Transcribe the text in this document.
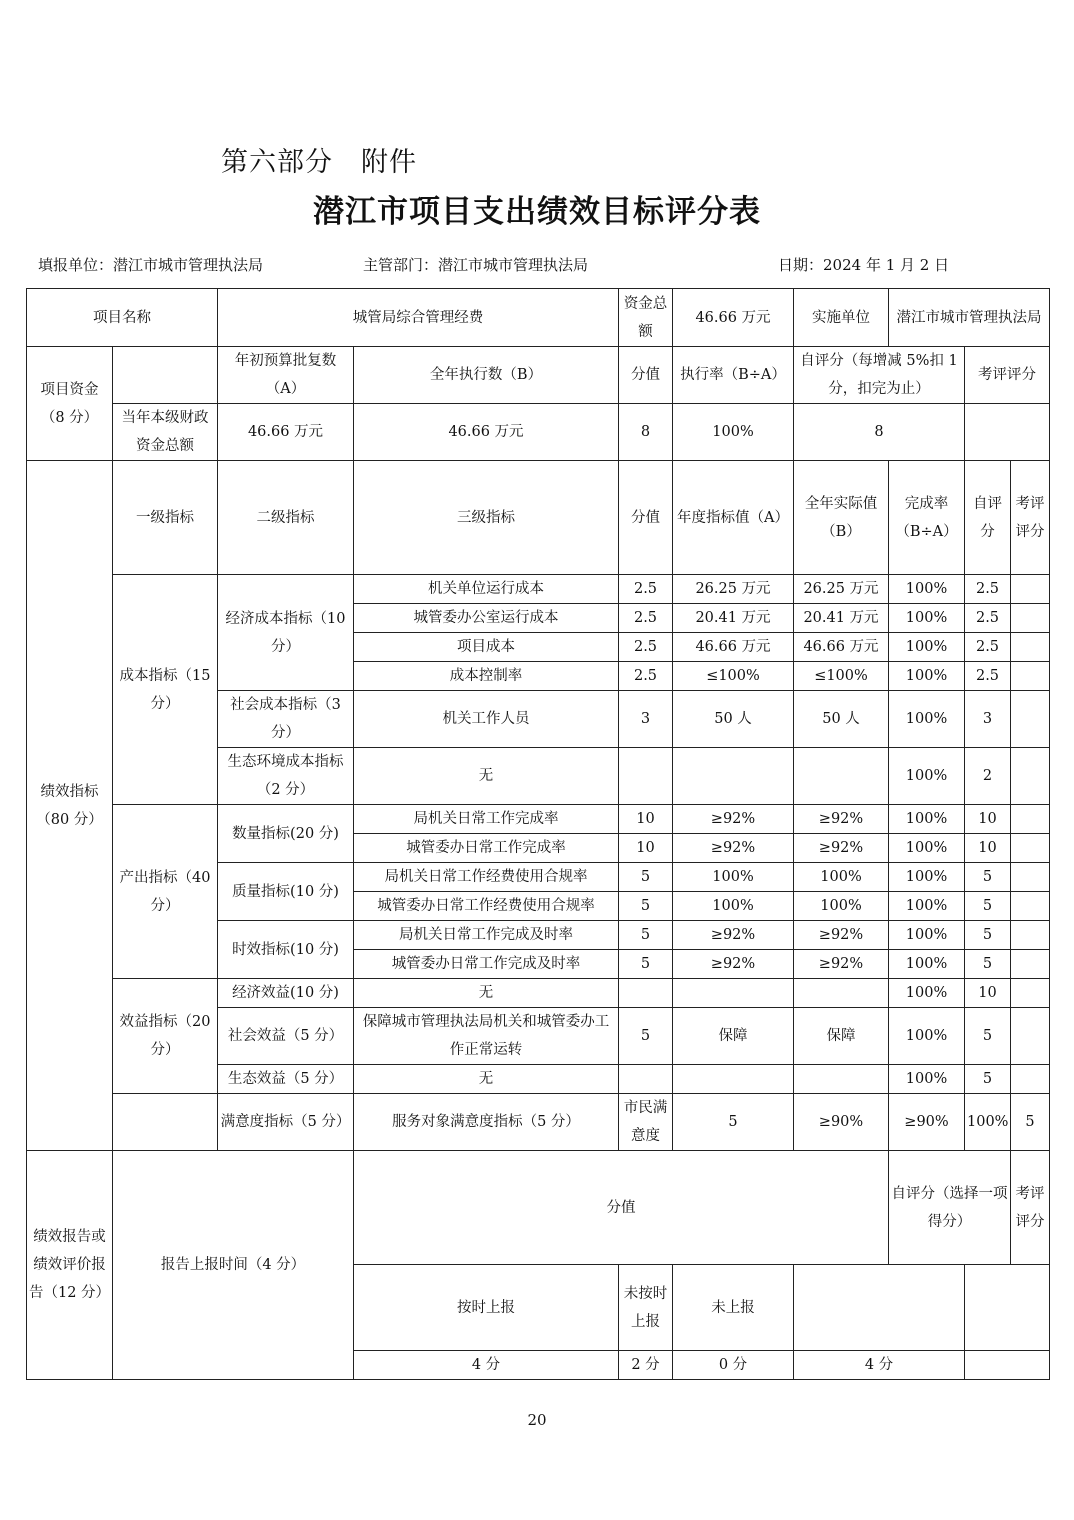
第六部分　附件
潜江市项目支出绩效目标评分表
填报单位：潜江市城市管理执法局	主管部门：潜江市城市管理执法局	日期：2024 年 1 月 2 日
项目名称		城管局综合管理经费		资金总额	46.66 万元	实施单位	潜江市城市管理执法局			
项目资金（8 分）		年初预算批复数（A）	全年执行数（B）	分值	执行率（B÷A）	自评分（每增减 5%扣 1 分，扣完为止）		考评评分		
	当年本级财政资金总额	46.66 万元	46.66 万元	8	100%	8				
绩效指标（80 分）	一级指标	二级指标	三级指标	分值	年度指标值（A）	全年实际值（B）	完成率（B÷A）	自评分	考评评分	
	成本指标（15 分）	经济成本指标（10 分）	机关单位运行成本	2.5	26.25 万元	26.25 万元	100%	2.5		
			城管委办公室运行成本	2.5	20.41 万元	20.41 万元	100%	2.5		
			项目成本	2.5	46.66 万元	46.66 万元	100%	2.5		
			成本控制率	2.5	≤100%	≤100%	100%	2.5		
		社会成本指标（3 分）	机关工作人员	3	50 人	50 人	100%	3		
		生态环境成本指标（2 分）	无				100%	2		
	产出指标（40 分）	数量指标(20 分)	局机关日常工作完成率	10	≥92%	≥92%	100%	10		
			城管委办日常工作完成率	10	≥92%	≥92%	100%	10		
		质量指标(10 分)	局机关日常工作经费使用合规率	5	100%	100%	100%	5		
			城管委办日常工作经费使用合规率	5	100%	100%	100%	5		
		时效指标(10 分)	局机关日常工作完成及时率	5	≥92%	≥92%	100%	5		
			城管委办日常工作完成及时率	5	≥92%	≥92%	100%	5		
	效益指标（20 分）	经济效益(10 分)	无				100%	10		
		社会效益（5 分）	保障城市管理执法局机关和城管委办工作正常运转	5	保障	保障	100%	5		
		生态效益（5 分）	无				100%	5		
		满意度指标（5 分）	服务对象满意度指标（5 分）	市民满意度	5	≥90%	≥90%	100%	5	
绩效报告或绩效评价报告（12 分）	报告上报时间（4 分）		分值				自评分（选择一项得分）		考评评分	
			按时上报	未按时上报	未上报					
			4 分	2 分	0 分	4 分				
20
